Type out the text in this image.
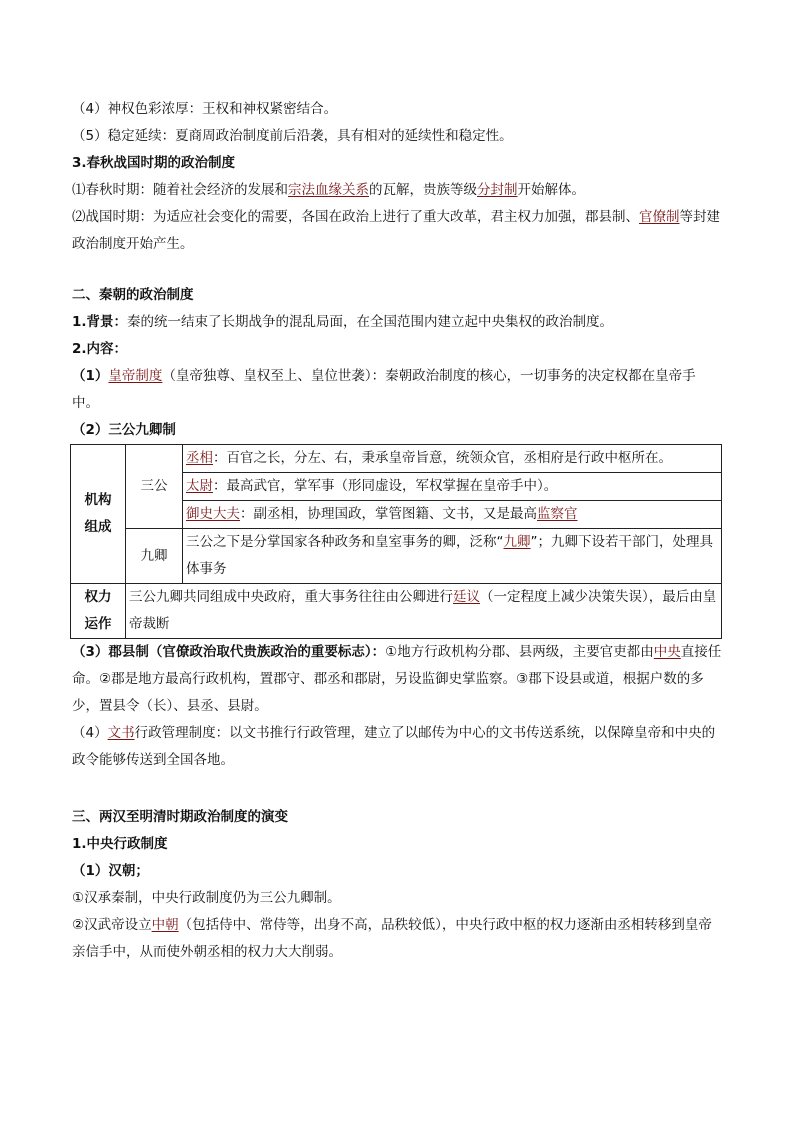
（4）神权色彩浓厚：王权和神权紧密结合。

（5）稳定延续：夏商周政治制度前后沿袭，具有相对的延续性和稳定性。

3.春秋战国时期的政治制度

⑴春秋时期：随着社会经济的发展和宗法血缘关系的瓦解，贵族等级分封制开始解体。

⑵战国时期：为适应社会变化的需要，各国在政治上进行了重大改革，君主权力加强，郡县制、官僚制等封建政治制度开始产生。

二、秦朝的政治制度

1.背景：秦的统一结束了长期战争的混乱局面，在全国范围内建立起中央集权的政治制度。

2.内容：

（1）皇帝制度（皇帝独尊、皇权至上、皇位世袭）：秦朝政治制度的核心，一切事务的决定权都在皇帝手中。

（2）三公九卿制

机构组成	三公	丞相：百官之长，分左、右，秉承皇帝旨意，统领众官，丞相府是行政中枢所在。
		太尉：最高武官，掌军事（形同虚设，军权掌握在皇帝手中）。
		御史大夫：副丞相，协理国政，掌管图籍、文书，又是最高监察官
	九卿	三公之下是分掌国家各种政务和皇室事务的卿，泛称“九卿”；九卿下设若干部门，处理具体事务
权力运作	三公九卿共同组成中央政府，重大事务往往由公卿进行廷议（一定程度上减少决策失误），最后由皇帝裁断	

（3）郡县制（官僚政治取代贵族政治的重要标志）：①地方行政机构分郡、县两级，主要官吏都由中央直接任命。②郡是地方最高行政机构，置郡守、郡丞和郡尉，另设监御史掌监察。③郡下设县或道，根据户数的多少，置县令（长）、县丞、县尉。

（4）文书行政管理制度：以文书推行行政管理，建立了以邮传为中心的文书传送系统，以保障皇帝和中央的政令能够传送到全国各地。

三、两汉至明清时期政治制度的演变

1.中央行政制度

（1）汉朝；

①汉承秦制，中央行政制度仍为三公九卿制。

②汉武帝设立中朝（包括侍中、常侍等，出身不高，品秩较低），中央行政中枢的权力逐渐由丞相转移到皇帝亲信手中，从而使外朝丞相的权力大大削弱。
